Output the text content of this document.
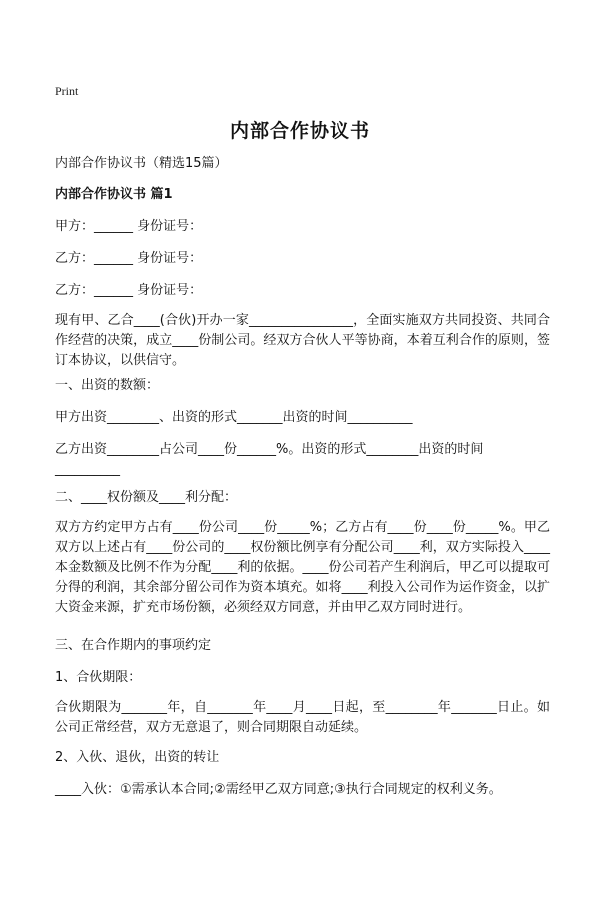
Print
内部合作协议书
内部合作协议书（精选15篇）
内部合作协议书 篇1
甲方：______ 身份证号：
乙方：______ 身份证号：
乙方：______ 身份证号：
现有甲、乙合____(合伙)开办一家________________，全面实施双方共同投资、共同合作经营的决策，成立____份制公司。经双方合伙人平等协商，本着互利合作的原则，签订本协议，以供信守。
一、出资的数额：
甲方出资________、出资的形式_______出资的时间__________
乙方出资________占公司____份______%。出资的形式________出资的时间
__________
二、____权份额及____利分配：
双方方约定甲方占有____份公司____份_____%；乙方占有____份____份_____%。甲乙双方以上述占有____份公司的____权份额比例享有分配公司____利，双方实际投入____本金数额及比例不作为分配____利的依据。____份公司若产生利润后，甲乙可以提取可分得的利润，其余部分留公司作为资本填充。如将____利投入公司作为运作资金，以扩大资金来源，扩充市场份额，必须经双方同意，并由甲乙双方同时进行。
三、在合作期内的事项约定
1、合伙期限：
合伙期限为_______年，自_______年____月____日起，至________年_______日止。如公司正常经营，双方无意退了，则合同期限自动延续。
2、入伙、退伙，出资的转让
____入伙：①需承认本合同;②需经甲乙双方同意;③执行合同规定的权利义务。
